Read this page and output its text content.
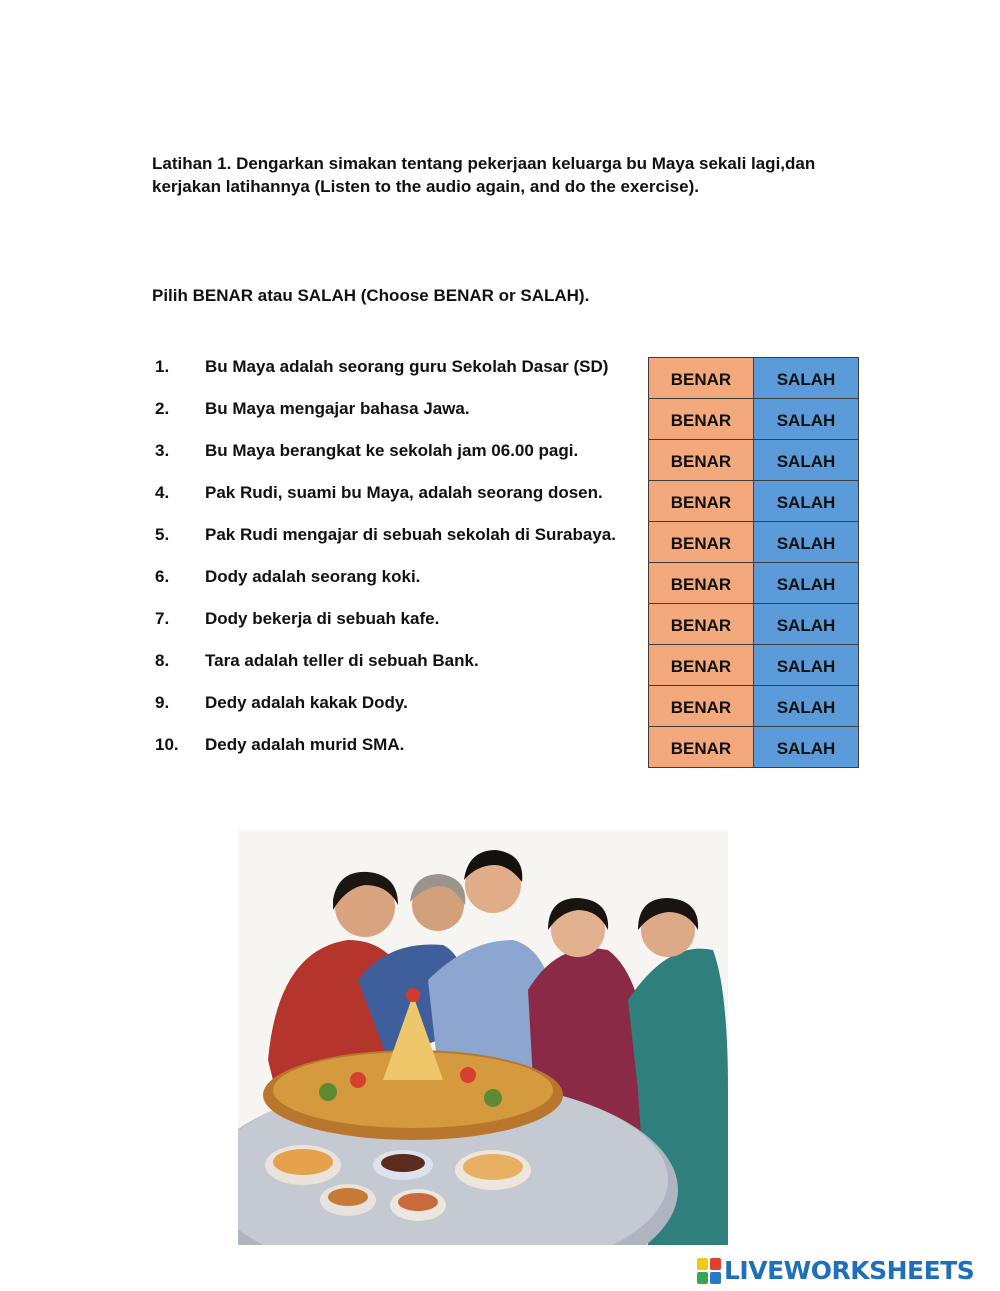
Latihan 1. Dengarkan simakan tentang pekerjaan keluarga bu Maya sekali lagi,dan kerjakan latihannya (Listen to the audio again, and do the exercise).

Pilih BENAR atau SALAH (Choose BENAR or SALAH).

1.	Bu Maya adalah seorang guru Sekolah Dasar (SD)
2.	Bu Maya mengajar bahasa Jawa.
3.	Bu Maya berangkat ke sekolah jam 06.00 pagi.
4.	Pak Rudi, suami bu Maya, adalah seorang dosen.
5.	Pak Rudi mengajar di sebuah sekolah di Surabaya.
6.	Dody adalah seorang koki.
7.	Dody bekerja di sebuah kafe.
8.	Tara adalah teller di sebuah Bank.
9.	Dedy adalah kakak Dody.
10.	Dedy adalah murid SMA.
BENAR	SALAH
BENAR	SALAH
BENAR	SALAH
BENAR	SALAH
BENAR	SALAH
BENAR	SALAH
BENAR	SALAH
BENAR	SALAH
BENAR	SALAH
BENAR	SALAH
LIVEWORKSHEETS
